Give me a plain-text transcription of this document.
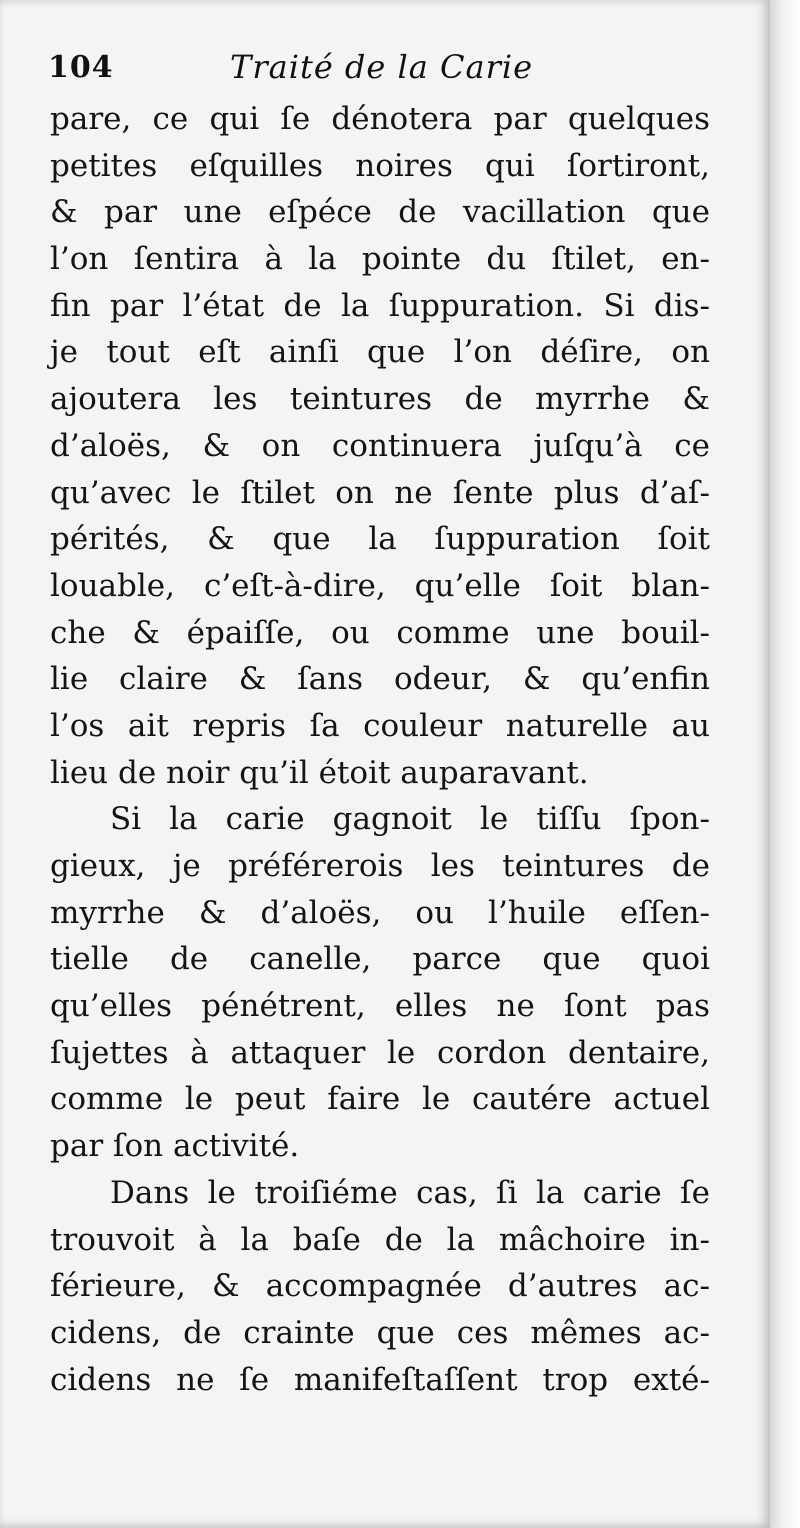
104	Traité de la Carie
pare, ce qui ſe dénotera par quelques
petites eſquilles noires qui ſortiront,
& par une eſpéce de vacillation que
l’on ſentira à la pointe du ſtilet, en-
fin par l’état de la ſuppuration. Si dis-
je tout eſt ainſi que l’on déſire, on
ajoutera les teintures de myrrhe &
d’aloës, & on continuera juſqu’à ce
qu’avec le ſtilet on ne ſente plus d’aſ-
pérités, & que la ſuppuration ſoit
louable, c’eſt-à-dire, qu’elle ſoit blan-
che & épaiſſe, ou comme une bouil-
lie claire & ſans odeur, & qu’enfin
l’os ait repris ſa couleur naturelle au
lieu de noir qu’il étoit auparavant.
Si la carie gagnoit le tiſſu ſpon-
gieux, je préférerois les teintures de
myrrhe & d’aloës, ou l’huile eſſen-
tielle de canelle, parce que quoi
qu’elles pénétrent, elles ne ſont pas
ſujettes à attaquer le cordon dentaire,
comme le peut faire le cautére actuel
par ſon activité.
Dans le troiſiéme cas, ſi la carie ſe
trouvoit à la baſe de la mâchoire in-
férieure, & accompagnée d’autres ac-
cidens, de crainte que ces mêmes ac-
cidens ne ſe manifeſtaſſent trop exté-
